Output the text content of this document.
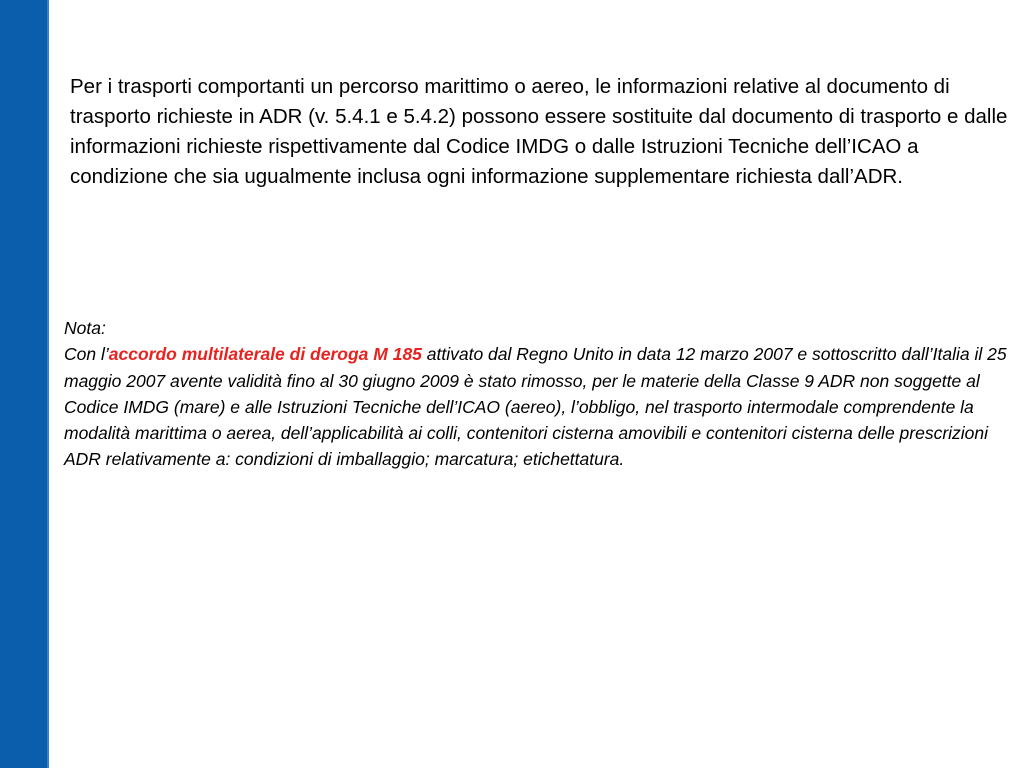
Per i trasporti comportanti un percorso marittimo o aereo, le informazioni relative al documento di trasporto richieste in ADR (v. 5.4.1 e 5.4.2) possono essere sostituite dal documento di trasporto e dalle informazioni richieste rispettivamente dal Codice IMDG o dalle Istruzioni Tecniche dell’ICAO a condizione che sia ugualmente inclusa ogni informazione supplementare richiesta dall’ADR.

Nota:
Con l’accordo multilaterale di deroga M 185 attivato dal Regno Unito in data 12 marzo 2007 e sottoscritto dall’Italia il 25 maggio 2007 avente validità fino al 30 giugno 2009 è stato rimosso, per le materie della Classe 9 ADR non soggette al Codice IMDG (mare) e alle Istruzioni Tecniche dell’ICAO (aereo), l’obbligo, nel trasporto intermodale comprendente la modalità marittima o aerea, dell’applicabilità ai colli, contenitori cisterna amovibili e contenitori cisterna delle prescrizioni ADR relativamente a: condizioni di imballaggio; marcatura; etichettatura.
